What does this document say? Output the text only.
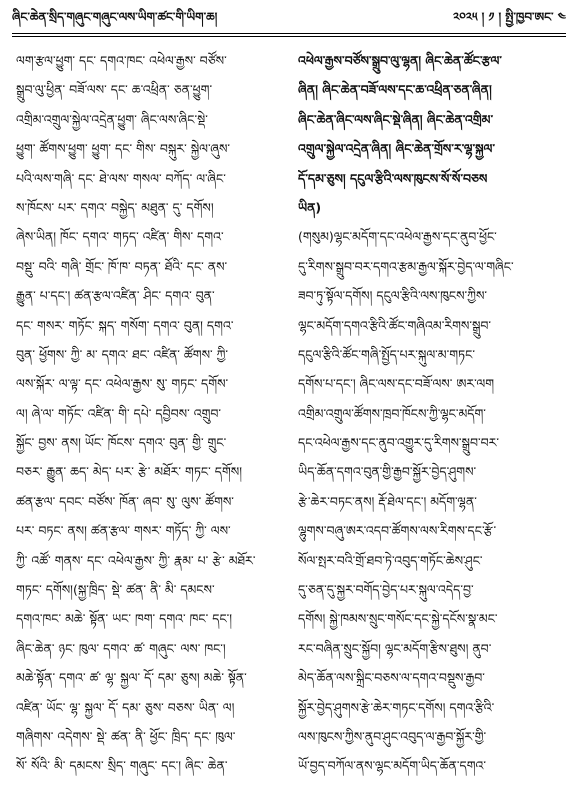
ཞིང་ཆེན་སྲིད་གཞུང་གཞུང་ལས་ཡིག་ཚང་གི་ཡིག་ཆ།	༢༠༢༥ ། ༡ ། སྤྱི་ཁྱབ་ཨང་ ༤
ལག་རྩལ་ཕྱུག་ དང་ དགའ་ཁང་ འཕེལ་རྒྱས་ བཙོས་
སྒྲུབ་ལུ་ཕྱིན་ བཟོ་ལས་ དང་ ཆ་འཕྲིན་ ཅན་ཕྱུག་
འགྲིམ་འགྲུལ་སྐྱེལ་འདྲེན་ཕྱུག་ ཞིང་ལས་ཞིང་སྡེ་
ཕྱུག་ ཚོགས་ཕྱུག་ ཕྱུག་ དང་ གིས་ བསྐུར་ སྐྱེལ་ཞུས་
པའི་ལས་གཞི་ དང་ ཐེ་ལས་ གསལ་ བཀོད་ ལ་ཞིང་
ས་ཁོངས་ པར་ དགའ་ བསྐྱེད་ མཐུན་ དུ་ དགོས།
ཞེས་ཡིན། ཁོང་ དགའ་ གཏད་ འཛིན་ གིས་ དགའ་
བསྡུ་ བའི་ གཞི་ གྲོང་ ཁོ་ཁ་ བཏན་ ཐོའི་ དང་ ནས་
རྒྱུན་ པ་དང་། ཚན་རྩལ་འཛིན་ ཤིང་ དགའ་ བུན་
དང་ གསར་ གཏོང་ སྐད་ གསོག་ དགའ་ བུན། དགའ་
བུན་ ཕྱོགས་ ཀྱི་ མ་ དགའ་ ཐང་ འཛིན་ ཚོགས་ ཀྱི་
ལས་སྐོར་ ལ་ལྟ་ དང་ འཕེལ་རྒྱས་ སུ་ གཏང་ དགོས་
ལ། ཞེ་ལ་ གཏོང་ འཛིན་ གི་ དཔེ་ དབྱིབས་ འགྲུབ་
སྐྱོང་ བྱས་ ནས། ཡོང་ ཁོངས་ དགའ་ བུན་ གྱི་ གྲུང་
བཅར་ རྒྱུན་ ཆད་ མེད་ པར་ རྩེ་ མཐོར་ གཏང་ དགོས།
ཚན་རྩལ་ དབང་ བཙོས་ ཁོན་ ཞབ་ སུ་ ལུས་ ཚོགས་
པར་ བཏང་ ནས། ཚན་རྩལ་ གསར་ གཏོད་ ཀྱི་ ལས་
ཀྱི་ འཚོ་ གནས་ དང་ འཕེལ་རྒྱས་ ཀྱི་ རྣམ་ པ་ རྩེ་ མཐོར་
གཏང་ དགོས།(སྐྱ་ཁྲིད་ སྡེ་ ཚན་ ནི་ མི་ དམངས་
དགའ་ཁང་ མཆེ་ སྟོན་ ཡང་ ཁག་ དགའ་ ཁང་ དང་།
ཞིང་ཆེན་ ཉང་ ཁུལ་ དགའ་ ཚ་ གཞུང་ ལས་ ཁང་།
མཆེ་སྟོན་ དགའ་ ཚ་ ལྷ་ སྐྱལ་ དོ་ དམ་ ཅུས། མཆེ་ སྟོན་
འཛིན་ ཡོང་ ལྷ་ སྐྱལ་ དོ་ དམ་ ཅུས་ བཅས་ ཡིན་ ལ།
གཞིགས་ འདེགས་ སྡེ་ ཚན་ ནི་ ཕྱོང་ ཁྲིད་ དང་ ཁུལ་
སོ་ སོའི་ མི་ དམངས་ སྲིད་ གཞུང་ དང་། ཞིང་ ཆེན་
འཕེལ་རྒྱས་བཙོས་སྒྲུབ་ལུ་ལྷན། ཞིང་ཆེན་ཚོང་རྩལ་
ཞིན། ཞིང་ཆེན་བཟོ་ལས་དང་ཆ་འཕྲིན་ཅན་ཞིན།
ཞིང་ཆེན་ཞིང་ལས་ཞིང་སྡེ་ཞིན། ཞིང་ཆེན་འགྲིམ་
འགྲུལ་སྐྱེལ་འདྲེན་ཞིན། ཞིང་ཆེན་གྲོས་ར་ལྷ་སྐྱལ་
དོ་དམ་ཅུས། དངུལ་རྩིའི་ལས་ཁུངས་སོ་སོ་བཅས
ཡིན)
(གསུམ)ལྷང་མདོག་དང་འཕེལ་རྒྱས་དང་ནུབ་ཕྱོང་
དུ་རིགས་སྒྲུབ་བར་དགའ་རྩམ་རྒྱལ་སྐོར་བྱེད་ལ་གཞིང་
ཟབ་ཏུ་སྟོལ་དགོས། དངུལ་རྩིའི་ལས་ཁུངས་ཀྱིས་
ལྷང་མདོག་དགའ་རྩིའི་ཚོང་གཞིའམ་རིགས་སྒྲུབ་
དངུལ་རྩིའི་ཚོང་གཞི་སྤྱོད་པར་སྐུལ་མ་གཏང་
དགོས་པ་དང་། ཞིང་ལས་དང་བཟོ་ལས་ ཨར་ལག
འགྲིམ་འགྲུལ་ཚོགས་ཁྲབ་ཁོངས་ཀྱི་ལྷང་མདོག་
དང་འཕེལ་རྒྱས་དང་ནུབ་འགྱུར་དུ་རིགས་སྒྲུབ་བར་
ཡིད་ཆོན་དགའ་བུན་གྱི་རྒྱབ་སྐྱོར་བྱེད་ཤུགས་
རྩེ་ཆེར་བཏང་ནས། རྡོ་ཐེལ་དང་། མདོག་ལྷན་
ལྷུགས་བཞུ་ཨར་འདབ་ཚོགས་ལས་རིགས་དང་རྩོ་
སོལ་སྤར་བའི་གྲོ་ཐབ་ཏེ་འབུད་གཏོང་ཆེས་ཤུང་
དུ་ཅན་དུ་སྐྱར་བགོད་བྱེད་པར་སྐུལ་འདེད་བྱ་
དགོས། སྐྱེ་ཁམས་སྲུང་གསོང་དང་སྐྱེ་དངོས་སྣ་མང་
རང་བཞིན་སྲུང་སྐྱོབ། ལྷང་མདོག་རྩིས་ཐུས། ནུབ་
མེད་ཆོན་ལས་སྐྲིང་བཅས་ལ་དགའ་བསྡུས་རྒྱབ་
སྐྱོར་བྱེད་ཤུགས་རྩེ་ཆེར་གཏང་དགོས། དགའ་རྩིའི་
ལས་ཁུངས་ཀྱིས་ནུབ་ཤུང་འབུད་ལ་རྒྱབ་སྐྱོར་གྱི་
ཡོ་བྱད་བཀོལ་ནས་ལྷང་མདོག་ཡིད་ཆོན་དགའ་
